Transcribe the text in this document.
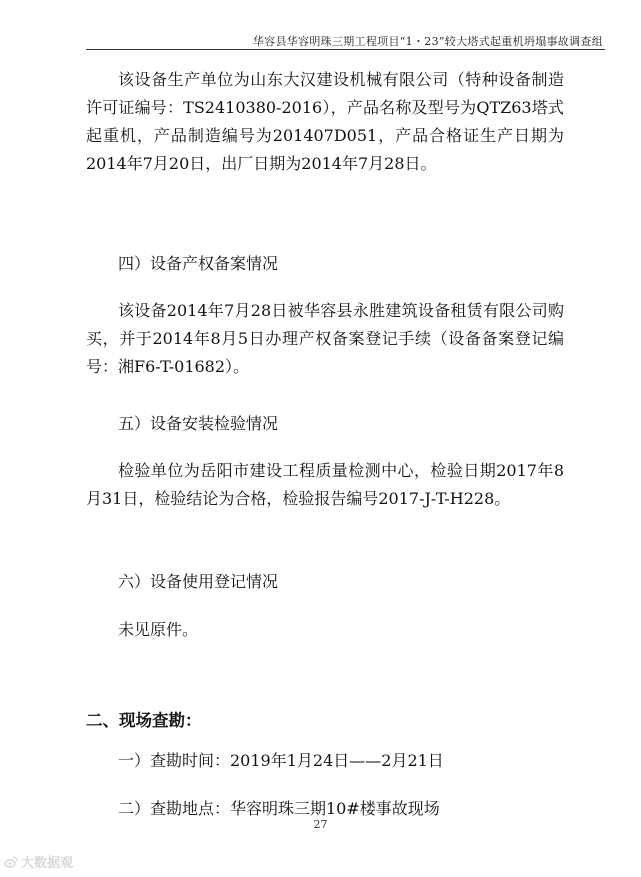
华容县华容明珠三期工程项目“1・23”较大塔式起重机坍塌事故调查组

该设备生产单位为山东大汉建设机械有限公司（特种设备制造许可证编号：TS2410380-2016），产品名称及型号为QTZ63塔式起重机，产品制造编号为201407D051，产品合格证生产日期为2014年7月20日，出厂日期为2014年7月28日。

四）设备产权备案情况

该设备2014年7月28日被华容县永胜建筑设备租赁有限公司购买，并于2014年8月5日办理产权备案登记手续（设备备案登记编号：湘F6-T-01682）。

五）设备安装检验情况

检验单位为岳阳市建设工程质量检测中心，检验日期2017年8月31日，检验结论为合格，检验报告编号2017-J-T-H228。

六）设备使用登记情况

未见原件。

二、现场查勘：

一）查勘时间：2019年1月24日——2月21日

二）查勘地点：华容明珠三期10#楼事故现场

27
大数据观
